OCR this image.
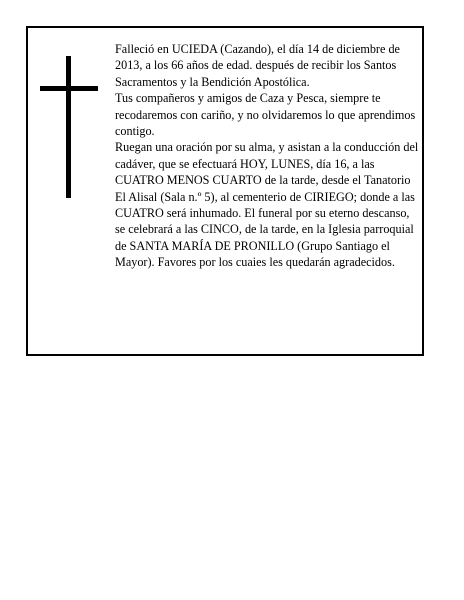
Falleció en UCIEDA (Cazando), el día 14 de diciembre de 2013, a los 66 años de edad. después de recibir los Santos Sacramentos y la Bendición Apostólica.

Tus compañeros y amigos de Caza y Pesca, siempre te recodaremos con cariño, y no olvidaremos lo que aprendimos contigo.

Ruegan una oración por su alma, y asistan a la conducción del cadáver, que se efectuará HOY, LUNES, día 16, a las CUATRO MENOS CUARTO de la tarde, desde el Tanatorio El Alisal (Sala n.º 5), al cementerio de CIRIEGO; donde a las CUATRO será inhumado. El funeral por su eterno descanso, se celebrará a las CINCO, de la tarde, en la Iglesia parroquial de SANTA MARÍA DE PRONILLO (Grupo Santiago el Mayor). Favores por los cuaies les quedarán agradecidos.
